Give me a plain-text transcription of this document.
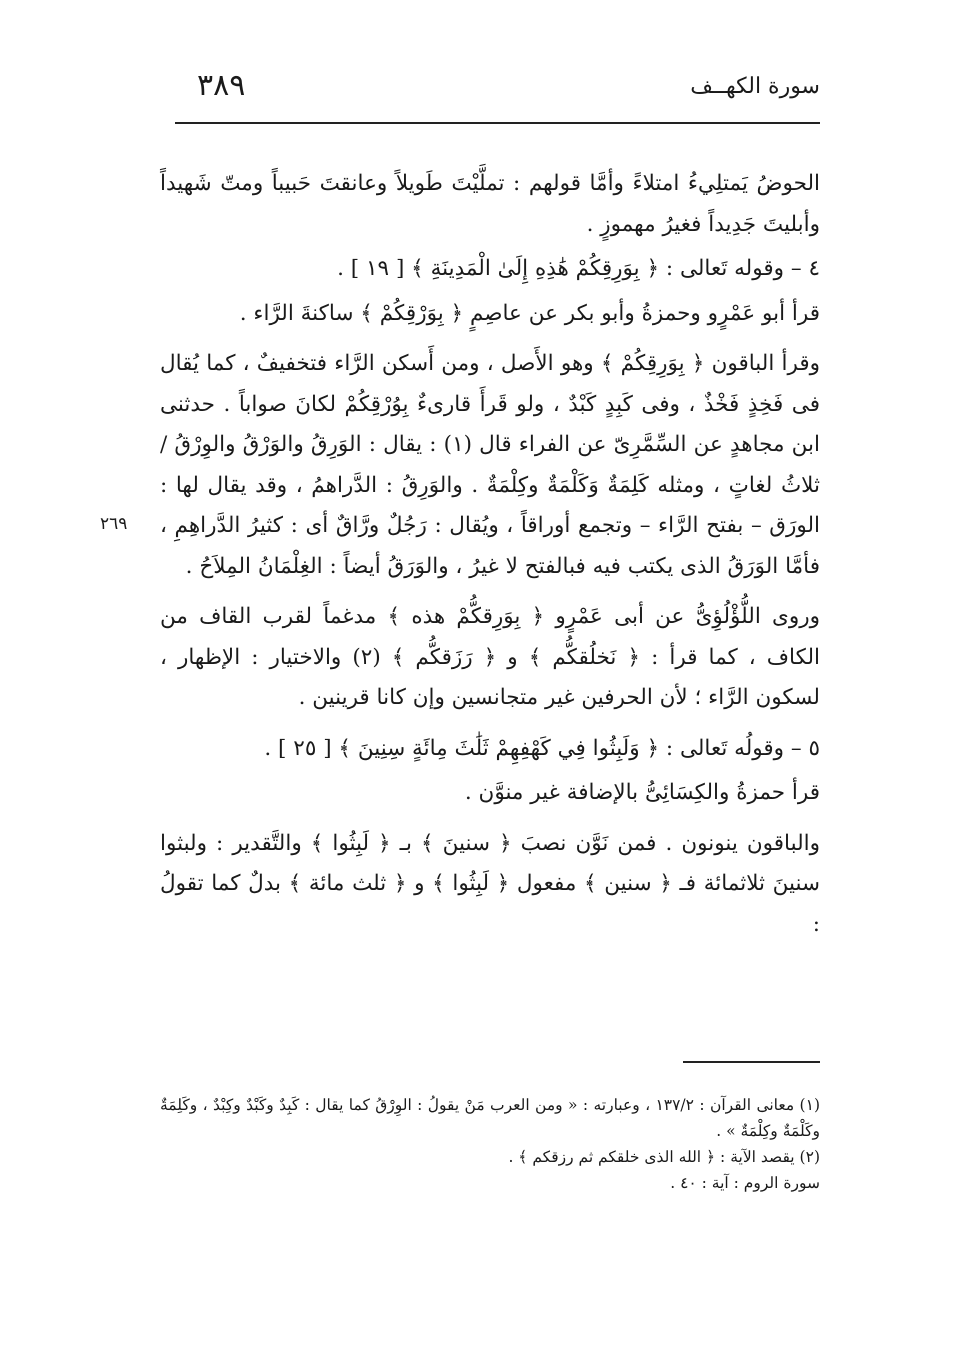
٣٨٩	سورة الكهــف
٢٦٩

الحوضُ يَمتلِيءُ امتلاءً وأمَّا قولهم : تملَّيْتَ طَويلاً وعانقتَ حَبيباً ومتّ شَهيداً وأبليتَ جَدِيداً فغيرُ مهموزٍ .

٤ – وقوله تَعالى : ﴿ بِوَرِقِكُمْ هَٰذِهِ إِلَىٰ الْمَدِينَةِ ﴾ [ ١٩ ] .

قرأ أبو عَمْرٍو وحمزةُ وأبو بكر عن عاصِمٍ ﴿ بِوَرْقِكُمْ ﴾ ساكنةَ الرَّاء .

وقرأ الباقون ﴿ بِوَرِقِكُمْ ﴾ وهو الأَصل ، ومن أَسكن الرَّاء فتخفيفٌ ، كما يُقال فى فَخِذٍ فَخْذٌ ، وفى كَبِدٍ كَبْدٌ ، ولو قَرأَ قارىءٌ بِوُرْقِكُمْ لكانَ صواباً . حدثنى ابن مجاهدٍ عن السِّمَّرِىّ عن الفراء قال (١) : يقال : الوَرِقُ والوَرْقُ والوِرْقُ / ثلاثُ لغاتٍ ، ومثله كَلِمَةٌ وَكَلْمَةٌ وكِلْمَةٌ . والوَرِقُ : الدَّراهمُ ، وقد يقال لها : الورَق – بفتح الرَّاء – وتجمع أوراقاً ، ويُقال : رَجُلٌ ورَّاقٌ أى : كثيرُ الدَّراهِمِ ، فأمَّا الوَرَقُ الذى يكتب فيه فبالفتح لا غيرُ ، والوَرَقُ أيضاً : الغِلْمَانُ المِلاَحُ .

وروى اللُّؤْلُؤِىُّ عن أبى عَمْرٍو ﴿ بِوَرِقكُّمْ هذه ﴾ مدغماً لقرب القاف من الكاف ، كما قرأ : ﴿ نَخلُقكُّم ﴾ و ﴿ رَزَقكُّم ﴾ (٢) والاختيار : الإظهار ، لسكون الرَّاء ؛ لأن الحرفين غير متجانسين وإن كانا قرينين .

٥ – وقولُه تَعالى : ﴿ وَلَبِثُوا فِي كَهْفِهِمْ ثَلَٰثَ مِائَةٍ سِنِينَ ﴾ [ ٢٥ ] .

قرأ حمزةُ والكِسَائِىُّ بالإضافة غير منوَّن .

والباقون ينونون . فمن نَوَّن نصبَ ﴿ سنينَ ﴾ بـ ﴿ لَبِثُوا ﴾ والتَّقدير : ولبثوا سنينَ ثلاثمائة فـ ﴿ سنين ﴾ مفعول ﴿ لَبِثُوا ﴾ و ﴿ ثلث مائة ﴾ بدلٌ كما تقولُ :

(١) معانى القرآن : ١٣٧/٢ ، وعبارته : « ومن العرب مَنْ يقولُ : الوِرْقُ كما يقال : كَبِدٌ وكَبْدٌ وكِبْدٌ ، وكَلِمَةٌ وكَلْمَةٌ وكِلْمَةٌ » .

(٢) يقصد الآية : ﴿ الله الذى خلقكم ثم رزقكم ﴾ .

سورة الروم : آية : ٤٠ .
